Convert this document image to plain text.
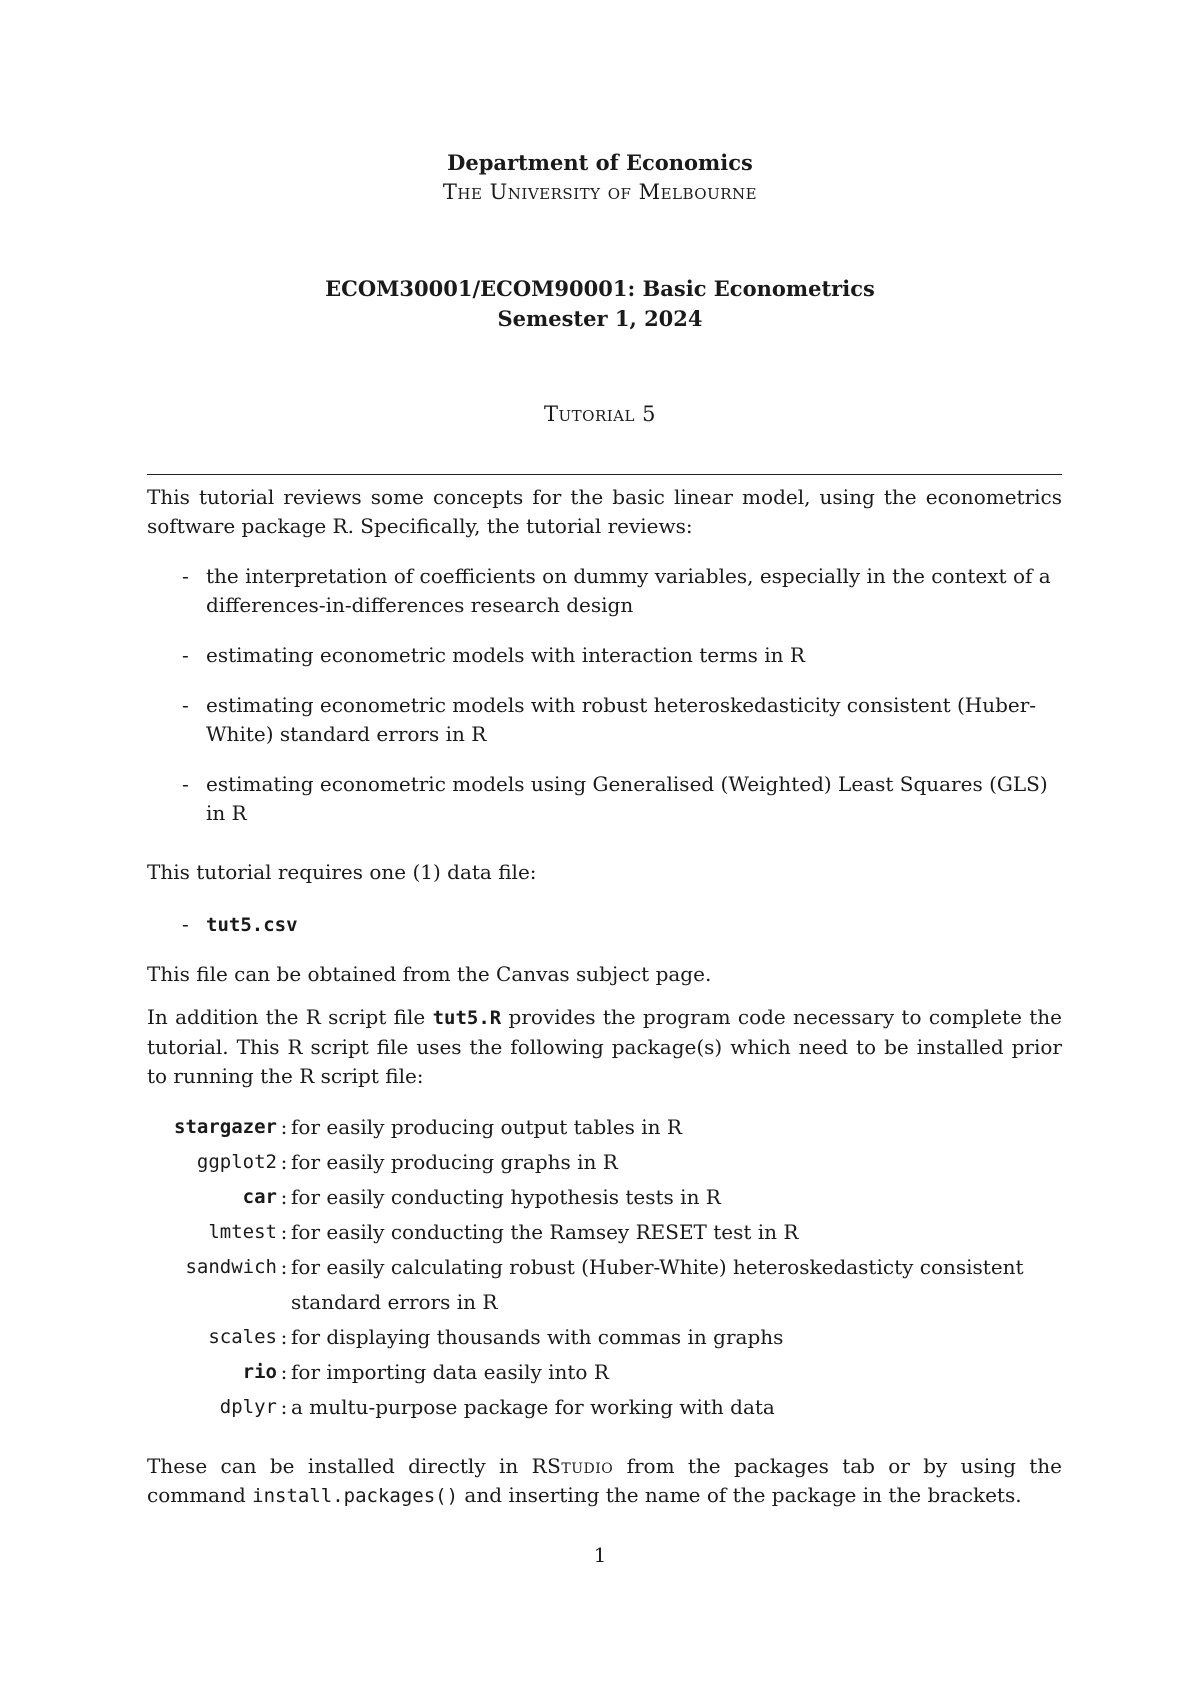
Department of Economics
The University of Melbourne
ECOM30001/ECOM90001: Basic Econometrics
Semester 1, 2024
Tutorial 5
This tutorial reviews some concepts for the basic linear model, using the econometrics software package R. Specifically, the tutorial reviews:
- the interpretation of coefficients on dummy variables, especially in the context of a differences-in-differences research design
- estimating econometric models with interaction terms in R
- estimating econometric models with robust heteroskedasticity consistent (Huber-White) standard errors in R
- estimating econometric models using Generalised (Weighted) Least Squares (GLS) in R
This tutorial requires one (1) data file:
- tut5.csv
This file can be obtained from the Canvas subject page.
In addition the R script file tut5.R provides the program code necessary to complete the tutorial. This R script file uses the following package(s) which need to be installed prior to running the R script file:
stargazer : for easily producing output tables in R
ggplot2 : for easily producing graphs in R
car : for easily conducting hypothesis tests in R
lmtest : for easily conducting the Ramsey RESET test in R
sandwich : for easily calculating robust (Huber-White) heteroskedasticty consistent standard errors in R
scales : for displaying thousands with commas in graphs
rio : for importing data easily into R
dplyr : a multu-purpose package for working with data
These can be installed directly in RStudio from the packages tab or by using the command install.packages() and inserting the name of the package in the brackets.
1
